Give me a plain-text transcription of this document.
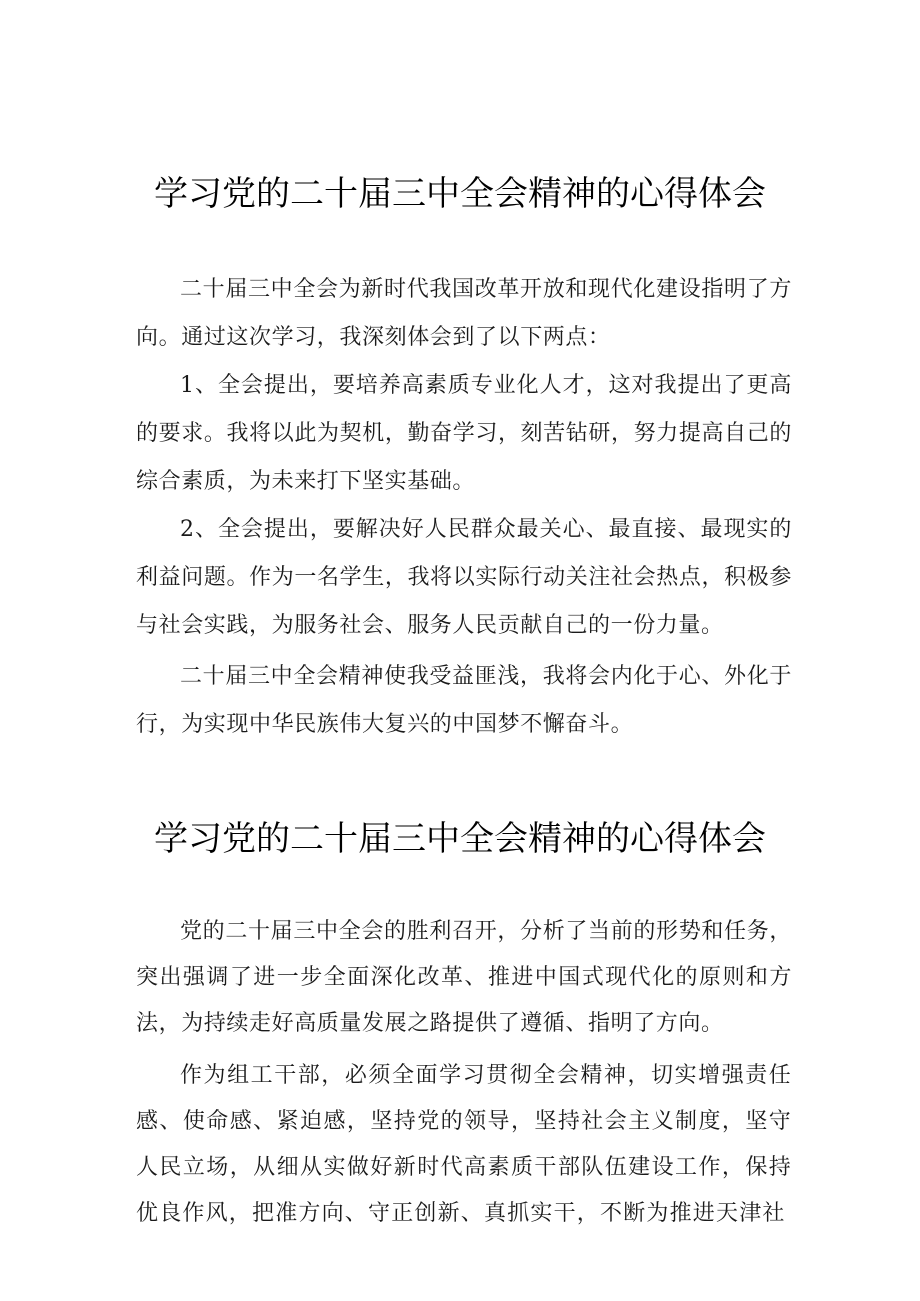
学习党的二十届三中全会精神的心得体会

二十届三中全会为新时代我国改革开放和现代化建设指明了方向。通过这次学习，我深刻体会到了以下两点：

1、全会提出，要培养高素质专业化人才，这对我提出了更高的要求。我将以此为契机，勤奋学习，刻苦钻研，努力提高自己的综合素质，为未来打下坚实基础。

2、全会提出，要解决好人民群众最关心、最直接、最现实的利益问题。作为一名学生，我将以实际行动关注社会热点，积极参与社会实践，为服务社会、服务人民贡献自己的一份力量。

二十届三中全会精神使我受益匪浅，我将会内化于心、外化于行，为实现中华民族伟大复兴的中国梦不懈奋斗。

学习党的二十届三中全会精神的心得体会

党的二十届三中全会的胜利召开，分析了当前的形势和任务，突出强调了进一步全面深化改革、推进中国式现代化的原则和方法，为持续走好高质量发展之路提供了遵循、指明了方向。

作为组工干部，必须全面学习贯彻全会精神，切实增强责任感、使命感、紧迫感，坚持党的领导，坚持社会主义制度，坚守人民立场，从细从实做好新时代高素质干部队伍建设工作，保持优良作风，把准方向、守正创新、真抓实干，不断为推进天津社
